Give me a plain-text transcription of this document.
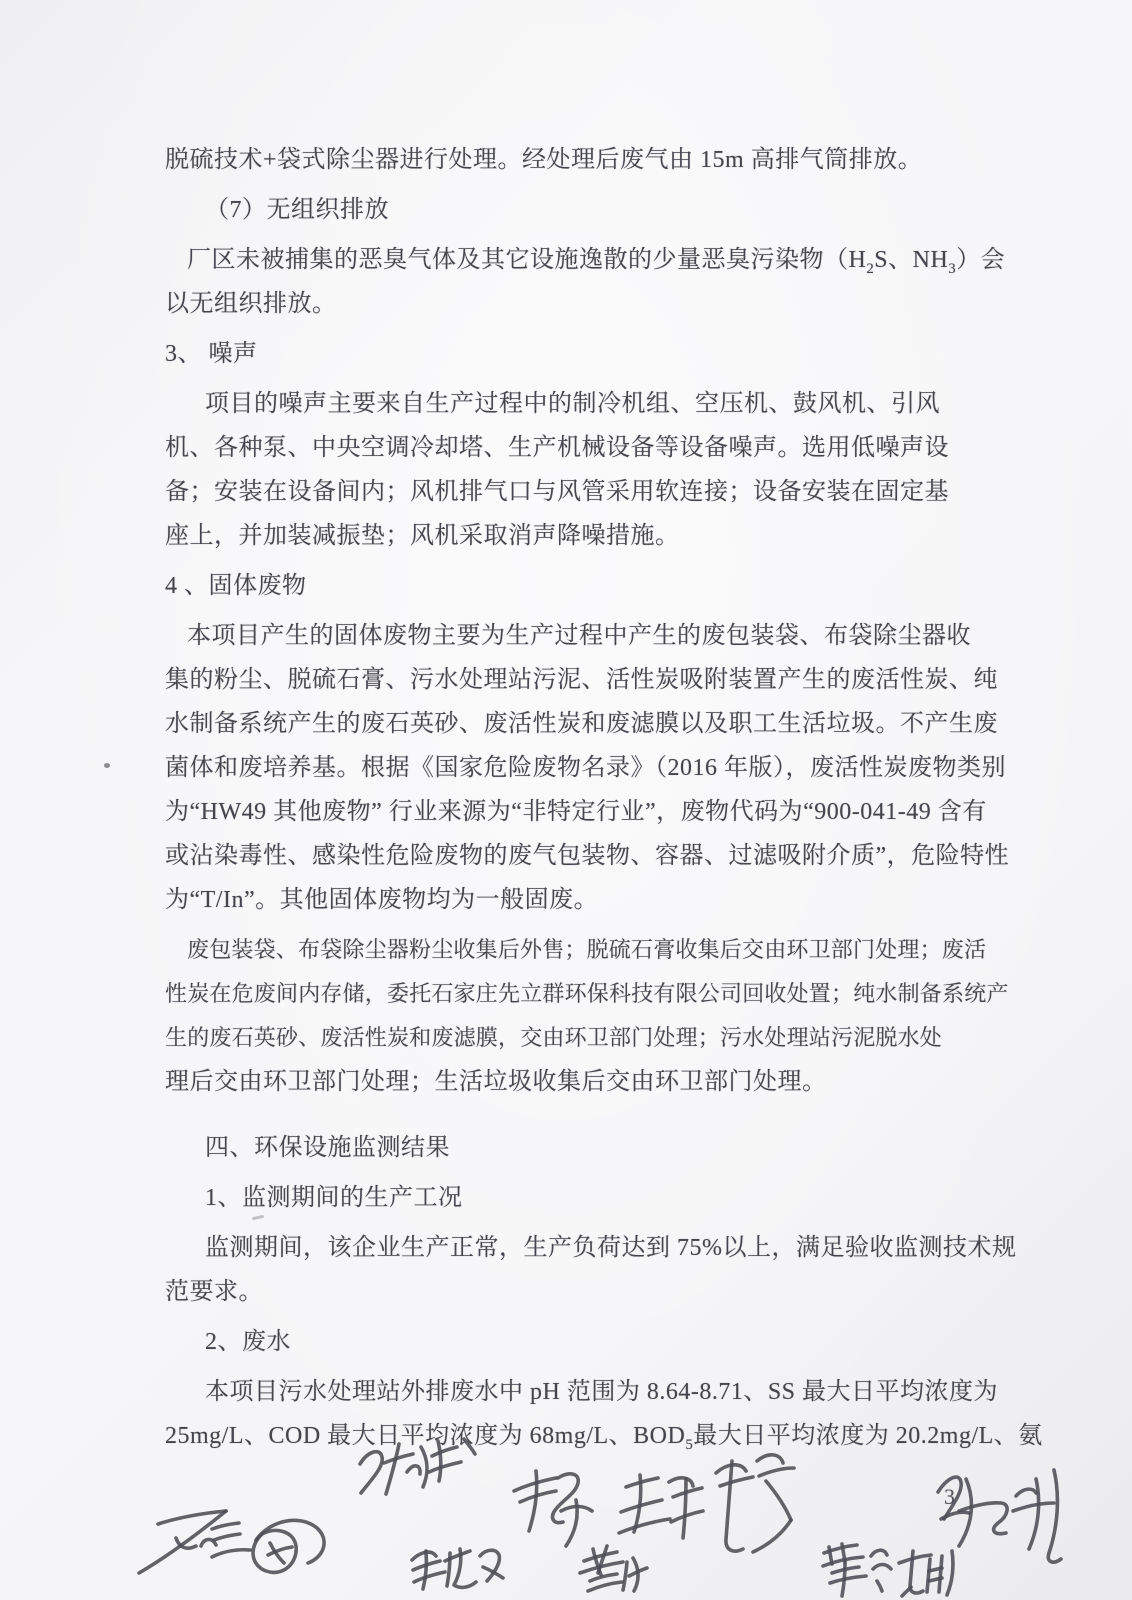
脱硫技术+袋式除尘器进行处理。经处理后废气由 15m 高排气筒排放。
（7）无组织排放
厂区未被捕集的恶臭气体及其它设施逸散的少量恶臭污染物（$H_2S$、$NH_3$）会
以无组织排放。
3、 噪声
项目的噪声主要来自生产过程中的制冷机组、空压机、鼓风机、引风
机、各种泵、中央空调冷却塔、生产机械设备等设备噪声。选用低噪声设
备；安装在设备间内；风机排气口与风管采用软连接；设备安装在固定基
座上，并加装减振垫；风机采取消声降噪措施。
4 、固体废物
本项目产生的固体废物主要为生产过程中产生的废包装袋、布袋除尘器收
集的粉尘、脱硫石膏、污水处理站污泥、活性炭吸附装置产生的废活性炭、纯
水制备系统产生的废石英砂、废活性炭和废滤膜以及职工生活垃圾。不产生废
菌体和废培养基。根据《国家危险废物名录》（2016 年版），废活性炭废物类别
为“HW49 其他废物” 行业来源为“非特定行业”，废物代码为“900-041-49 含有
或沾染毒性、感染性危险废物的废气包装物、容器、过滤吸附介质”，危险特性
为“T/In”。其他固体废物均为一般固废。
废包装袋、布袋除尘器粉尘收集后外售；脱硫石膏收集后交由环卫部门处理；废活
性炭在危废间内存储，委托石家庄先立群环保科技有限公司回收处置；纯水制备系统产
生的废石英砂、废活性炭和废滤膜，交由环卫部门处理；污水处理站污泥脱水处
理后交由环卫部门处理；生活垃圾收集后交由环卫部门处理。
四、环保设施监测结果
1、监测期间的生产工况
监测期间，该企业生产正常，生产负荷达到 75%以上，满足验收监测技术规
范要求。
2、废水
本项目污水处理站外排废水中 pH 范围为 8.64-8.71、SS 最大日平均浓度为
25mg/L、COD 最大日平均浓度为 68mg/L、$BOD_5$最大日平均浓度为 20.2mg/L、氨
3
